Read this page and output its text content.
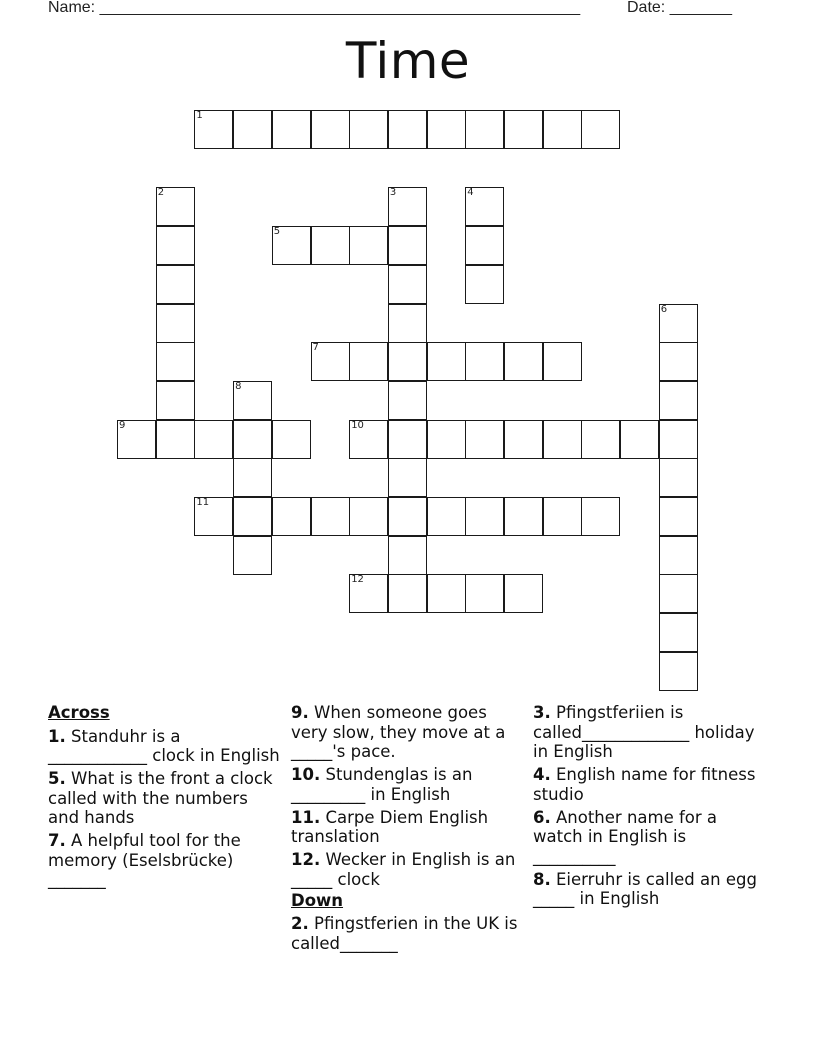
Name: ______________________________________________________	Date: _______
Time
1
2	3	4
5
6
7
8
9	10
11
12
Across
1. Standuhr is a ____________ clock in English
5. What is the front a clock called with the numbers and hands
7. A helpful tool for the memory (Eselsbrücke) _______
9. When someone goes very slow, they move at a _____'s pace.
10. Stundenglas is an _________ in English
11. Carpe Diem English translation
12. Wecker in English is an _____ clock
Down
2. Pfingstferien in the UK is called_______
3. Pfingstferiien is called_____________ holiday in English
4. English name for fitness studio
6. Another name for a watch in English is __________
8. Eierruhr is called an egg _____ in English
